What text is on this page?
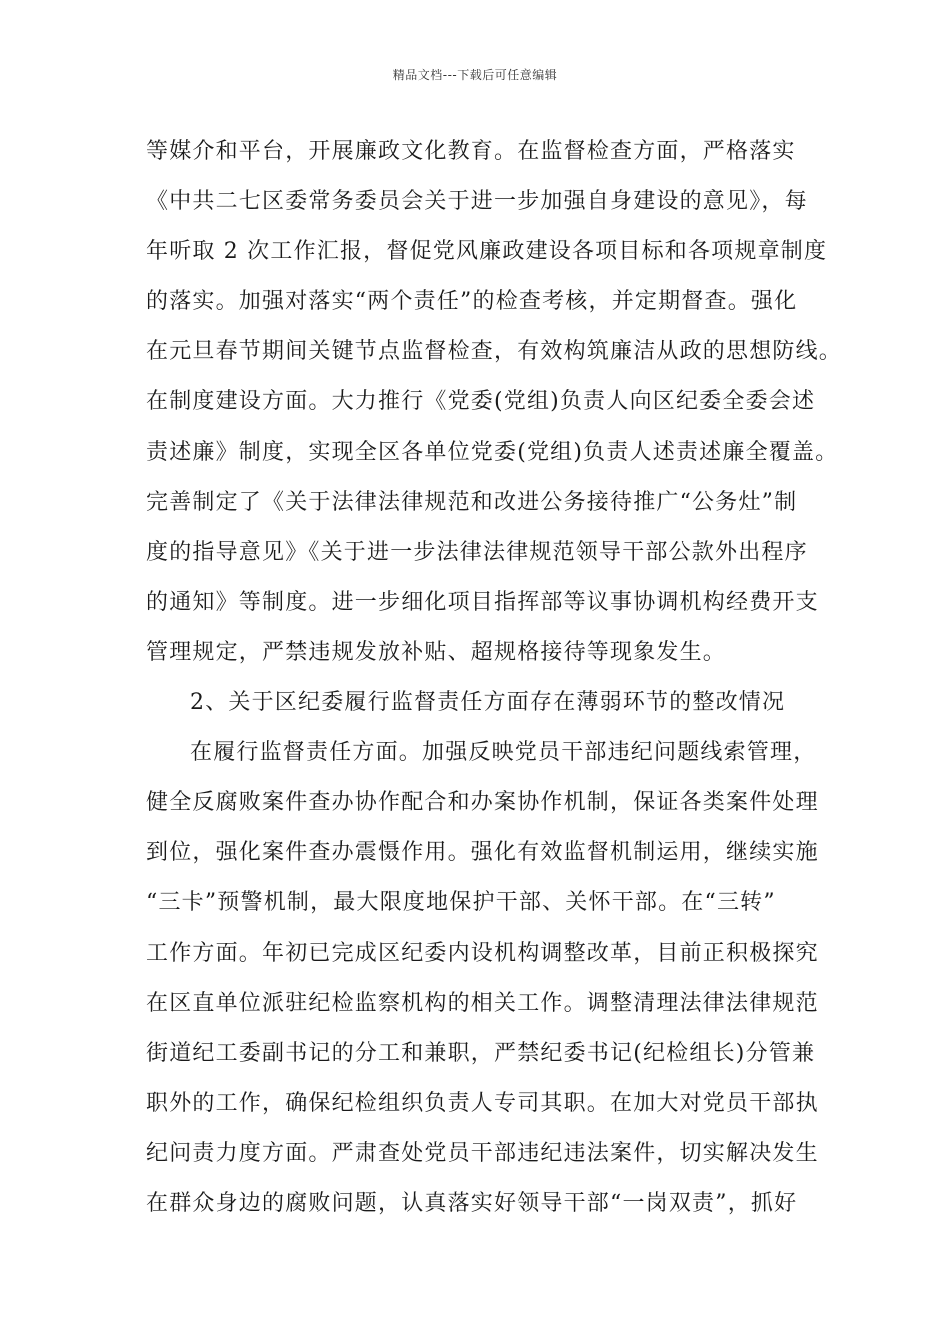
精品文档---下载后可任意编辑
等媒介和平台，开展廉政文化教育。在监督检查方面，严格落实
《中共二七区委常务委员会关于进一步加强自身建设的意见》，每
年听取 2 次工作汇报，督促党风廉政建设各项目标和各项规章制度
的落实。加强对落实“两个责任”的检查考核，并定期督查。强化
在元旦春节期间关键节点监督检查，有效构筑廉洁从政的思想防线。
在制度建设方面。大力推行《党委(党组)负责人向区纪委全委会述
责述廉》制度，实现全区各单位党委(党组)负责人述责述廉全覆盖。
完善制定了《关于法律法律规范和改进公务接待推广“公务灶”制
度的指导意见》《关于进一步法律法律规范领导干部公款外出程序
的通知》等制度。进一步细化项目指挥部等议事协调机构经费开支
管理规定，严禁违规发放补贴、超规格接待等现象发生。
2、关于区纪委履行监督责任方面存在薄弱环节的整改情况
在履行监督责任方面。加强反映党员干部违纪问题线索管理，
健全反腐败案件查办协作配合和办案协作机制，保证各类案件处理
到位，强化案件查办震慑作用。强化有效监督机制运用，继续实施
“三卡”预警机制，最大限度地保护干部、关怀干部。在“三转”
工作方面。年初已完成区纪委内设机构调整改革，目前正积极探究
在区直单位派驻纪检监察机构的相关工作。调整清理法律法律规范
街道纪工委副书记的分工和兼职，严禁纪委书记(纪检组长)分管兼
职外的工作，确保纪检组织负责人专司其职。在加大对党员干部执
纪问责力度方面。严肃查处党员干部违纪违法案件，切实解决发生
在群众身边的腐败问题，认真落实好领导干部“一岗双责”，抓好
